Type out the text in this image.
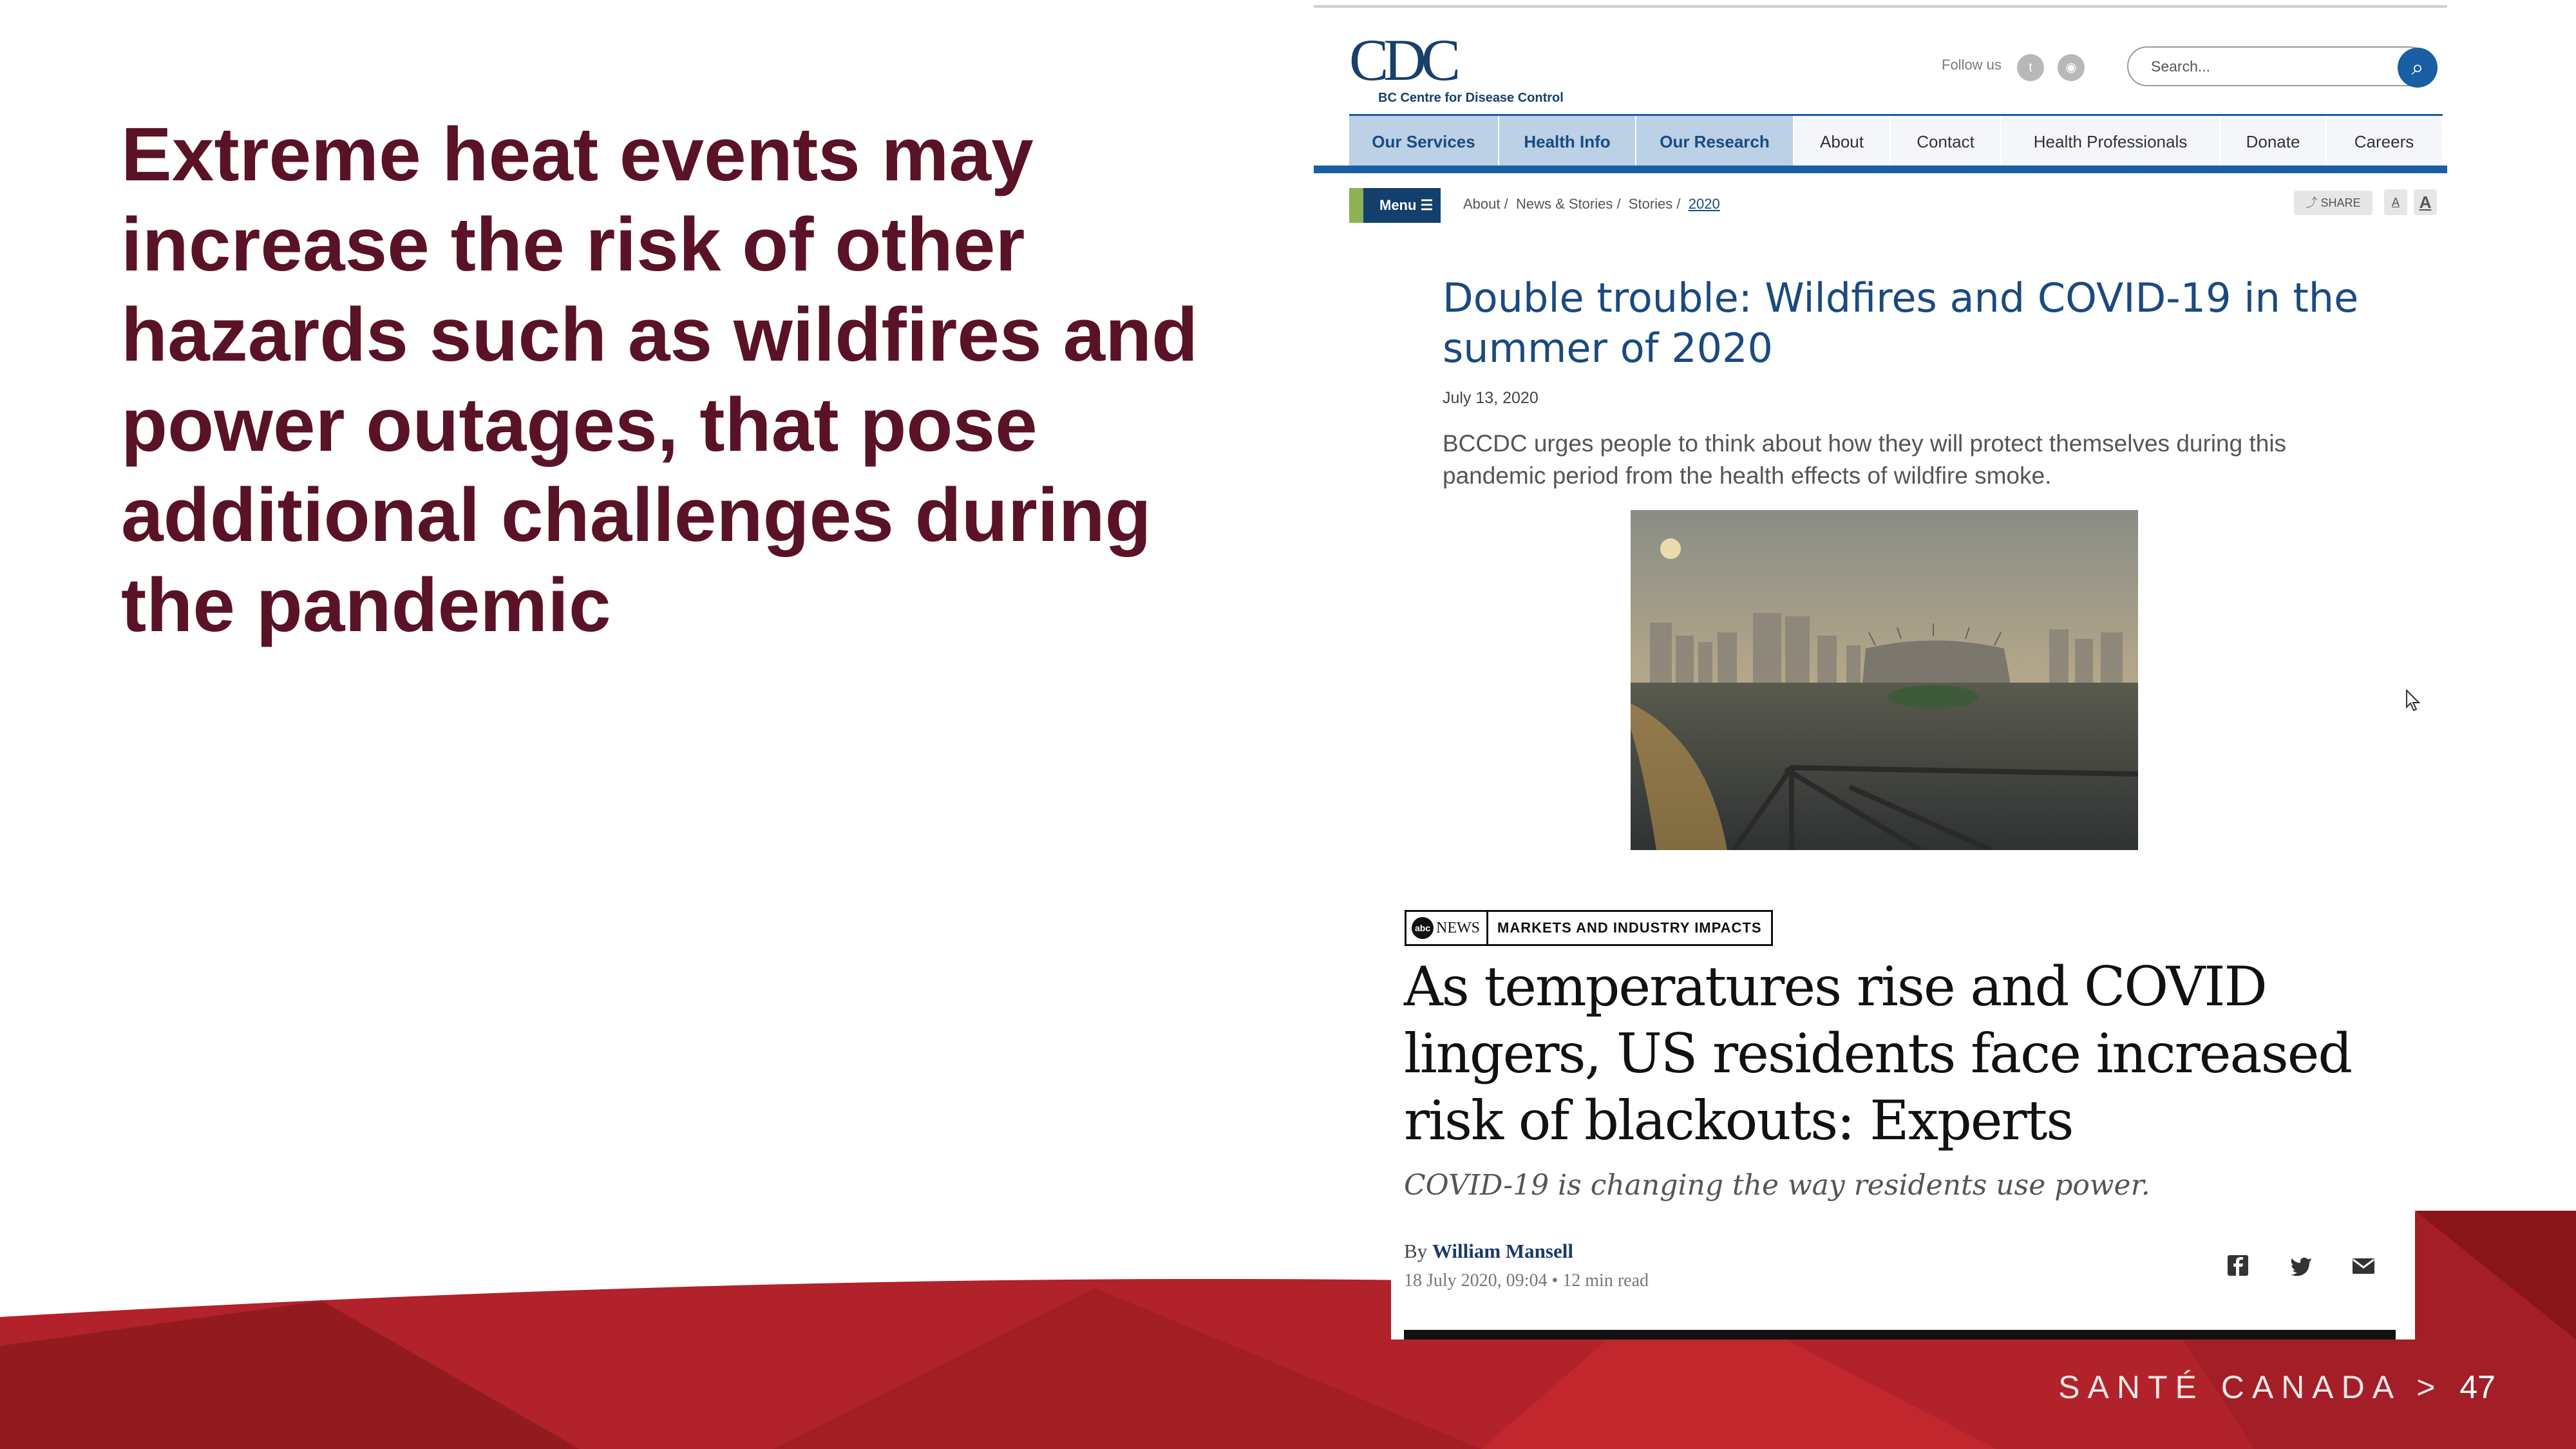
Extreme heat events may increase the risk of other hazards such as wildfires and power outages, that pose additional challenges during the pandemic
SANTÉ CANADA > 47
CDC
BC Centre for Disease Control
Follow us	t	◉	Search...	⌕
Our Services	Health Info	Our Research	About	Contact	Health Professionals	Donate	Careers
Menu ☰	About /  News & Stories /  Stories /  2020	⤴ SHARE	A	A
Double trouble: Wildfires and COVID-19 in the summer of 2020
July 13, 2020
BCCDC urges people to think about how they will protect themselves during this pandemic period from the health effects of wildfire smoke.
abc NEWS	MARKETS AND INDUSTRY IMPACTS
As temperatures rise and COVID lingers, US residents face increased risk of blackouts: Experts
COVID-19 is changing the way residents use power.
By William Mansell
18 July 2020, 09:04 • 12 min read
